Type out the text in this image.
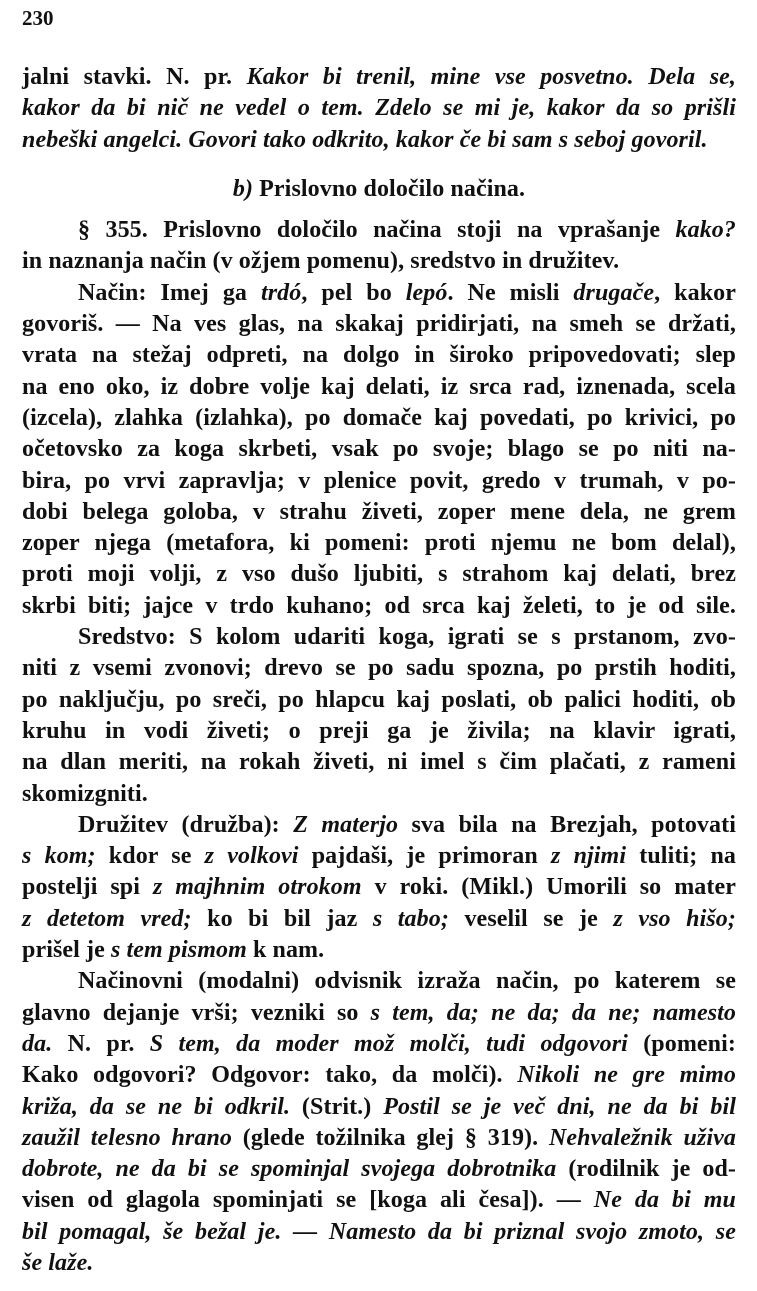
230
jalni stavki. N. pr. Kakor bi trenil, mine vse posvetno. Dela se,
kakor da bi nič ne vedel o tem. Zdelo se mi je, kakor da so prišli
nebeški angelci. Govori tako odkrito, kakor če bi sam s seboj govoril.
b) Prislovno določilo načina.
§ 355. Prislovno določilo načina stoji na vprašanje kako?
in naznanja način (v ožjem pomenu), sredstvo in družitev.
Način: Imej ga trdó, pel bo lepó. Ne misli drugače, kakor
govoriš. — Na ves glas, na skakaj pridirjati, na smeh se držati,
vrata na stežaj odpreti, na dolgo in široko pripovedovati; slep
na eno oko, iz dobre volje kaj delati, iz srca rad, iznenada, scela
(izcela), zlahka (izlahka), po domače kaj povedati, po krivici, po
očetovsko za koga skrbeti, vsak po svoje; blago se po niti na-
bira, po vrvi zapravlja; v plenice povit, gredo v trumah, v po-
dobi belega goloba, v strahu živeti, zoper mene dela, ne grem
zoper njega (metafora, ki pomeni: proti njemu ne bom delal),
proti moji volji, z vso dušo ljubiti, s strahom kaj delati, brez
skrbi biti; jajce v trdo kuhano; od srca kaj želeti, to je od sile.
Sredstvo: S kolom udariti koga, igrati se s prstanom, zvo-
niti z vsemi zvonovi; drevo se po sadu spozna, po prstih hoditi,
po naključju, po sreči, po hlapcu kaj poslati, ob palici hoditi, ob
kruhu in vodi živeti; o preji ga je živila; na klavir igrati,
na dlan meriti, na rokah živeti, ni imel s čim plačati, z rameni
skomizgniti.
Družitev (družba): Z materjo sva bila na Brezjah, potovati
s kom; kdor se z volkovi pajdaši, je primoran z njimi tuliti; na
postelji spi z majhnim otrokom v roki. (Mikl.) Umorili so mater
z detetom vred; ko bi bil jaz s tabo; veselil se je z vso hišo;
prišel je s tem pismom k nam.
Načinovni (modalni) odvisnik izraža način, po katerem se
glavno dejanje vrši; vezniki so s tem, da; ne da; da ne; namesto
da. N. pr. S tem, da moder mož molči, tudi odgovori (pomeni:
Kako odgovori? Odgovor: tako, da molči). Nikoli ne gre mimo
križa, da se ne bi odkril. (Strit.) Postil se je več dni, ne da bi bil
zaužil telesno hrano (glede tožilnika glej § 319). Nehvaležnik uživa
dobrote, ne da bi se spominjal svojega dobrotnika (rodilnik je od-
visen od glagola spominjati se [koga ali česa]). — Ne da bi mu
bil pomagal, še bežal je. — Namesto da bi priznal svojo zmoto, se
še laže.
